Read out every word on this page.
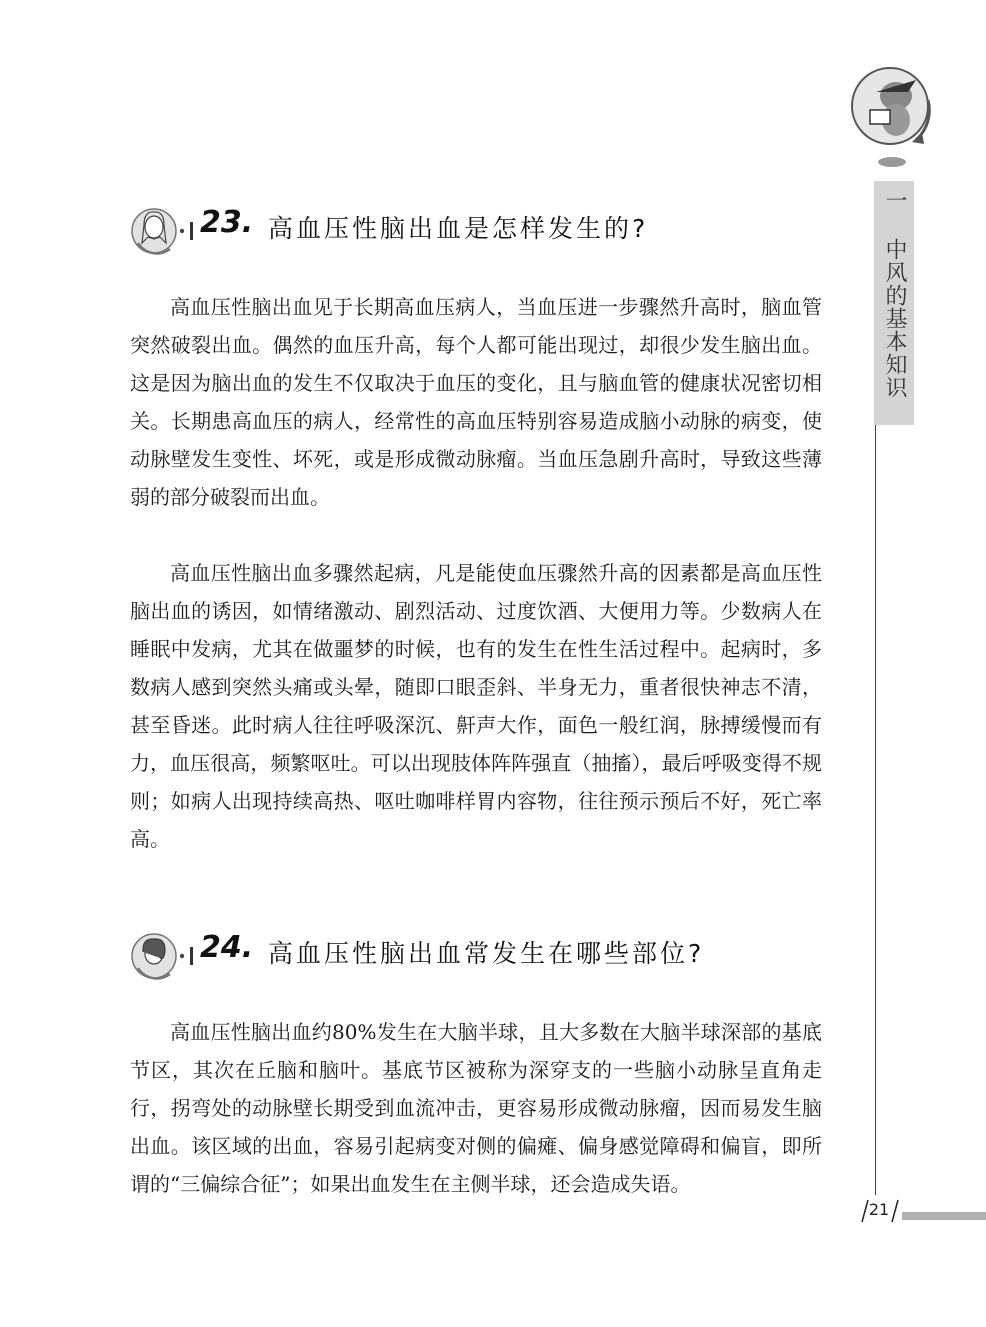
一 中风的基本知识
23. 高血压性脑出血是怎样发生的?

高血压性脑出血见于长期高血压病人，当血压进一步骤然升高时，脑血管突然破裂出血。偶然的血压升高，每个人都可能出现过，却很少发生脑出血。这是因为脑出血的发生不仅取决于血压的变化，且与脑血管的健康状况密切相关。长期患高血压的病人，经常性的高血压特别容易造成脑小动脉的病变，使动脉壁发生变性、坏死，或是形成微动脉瘤。当血压急剧升高时，导致这些薄弱的部分破裂而出血。

高血压性脑出血多骤然起病，凡是能使血压骤然升高的因素都是高血压性脑出血的诱因，如情绪激动、剧烈活动、过度饮酒、大便用力等。少数病人在睡眠中发病，尤其在做噩梦的时候，也有的发生在性生活过程中。起病时，多数病人感到突然头痛或头晕，随即口眼歪斜、半身无力，重者很快神志不清，甚至昏迷。此时病人往往呼吸深沉、鼾声大作，面色一般红润，脉搏缓慢而有力，血压很高，频繁呕吐。可以出现肢体阵阵强直（抽搐），最后呼吸变得不规则；如病人出现持续高热、呕吐咖啡样胃内容物，往往预示预后不好，死亡率高。

24. 高血压性脑出血常发生在哪些部位?

高血压性脑出血约80%发生在大脑半球，且大多数在大脑半球深部的基底节区，其次在丘脑和脑叶。基底节区被称为深穿支的一些脑小动脉呈直角走行，拐弯处的动脉壁长期受到血流冲击，更容易形成微动脉瘤，因而易发生脑出血。该区域的出血，容易引起病变对侧的偏瘫、偏身感觉障碍和偏盲，即所谓的“三偏综合征”；如果出血发生在主侧半球，还会造成失语。

21
